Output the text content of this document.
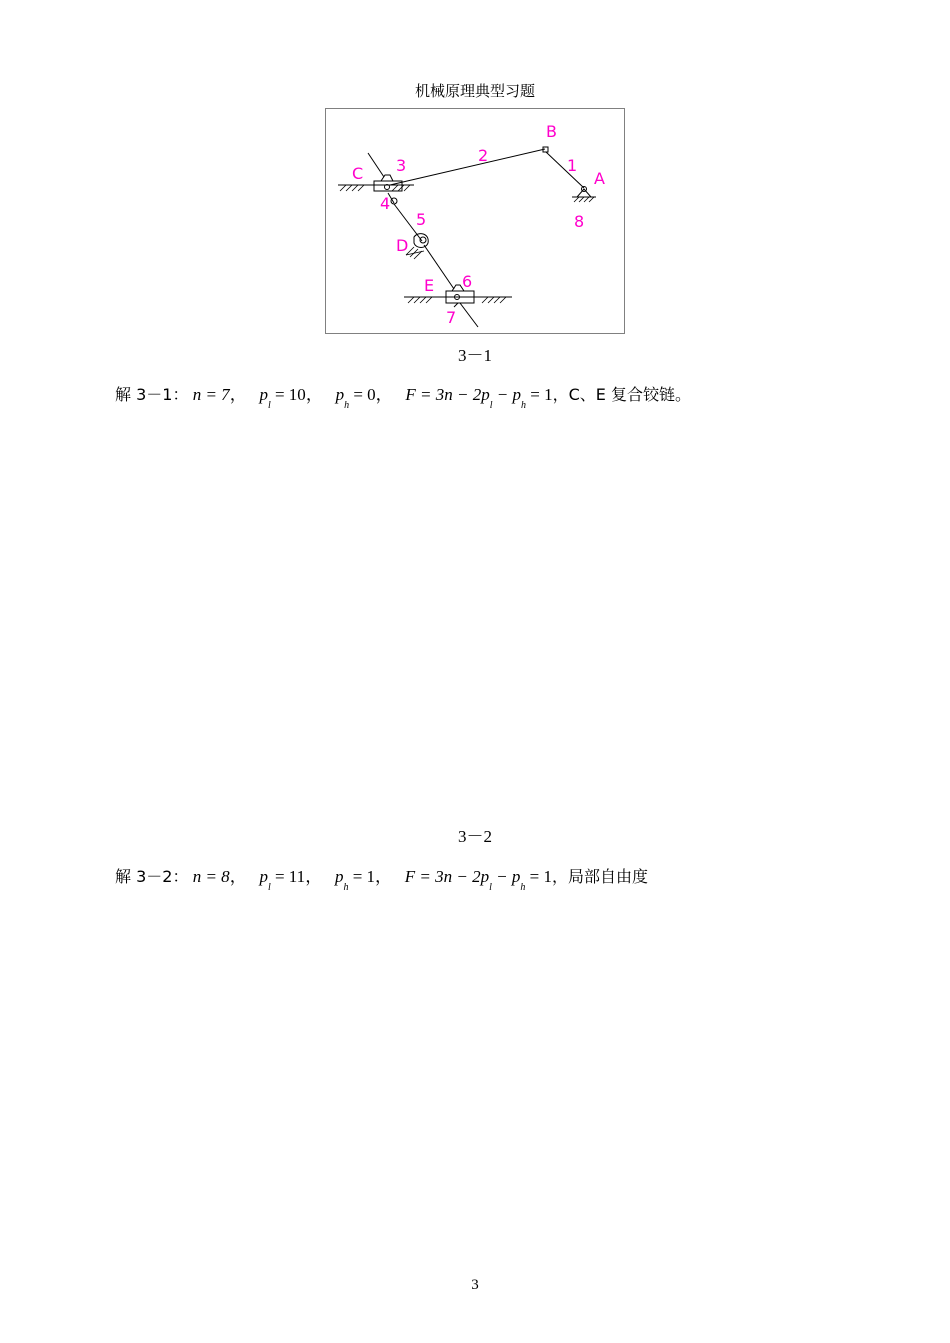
机械原理典型习题
C 3
2
B
1
A
8
4
5
D
E 6
7
3－1
解 3－1： n = 7，   $p_l = 10$，   $p_h = 0$，   $F = 3n - 2p_l - p_h = 1$，C、E 复合铰链。
3－2
解 3－2： n = 8，   $p_l = 11$，   $p_h = 1$，   $F = 3n - 2p_l - p_h = 1$，局部自由度
3
